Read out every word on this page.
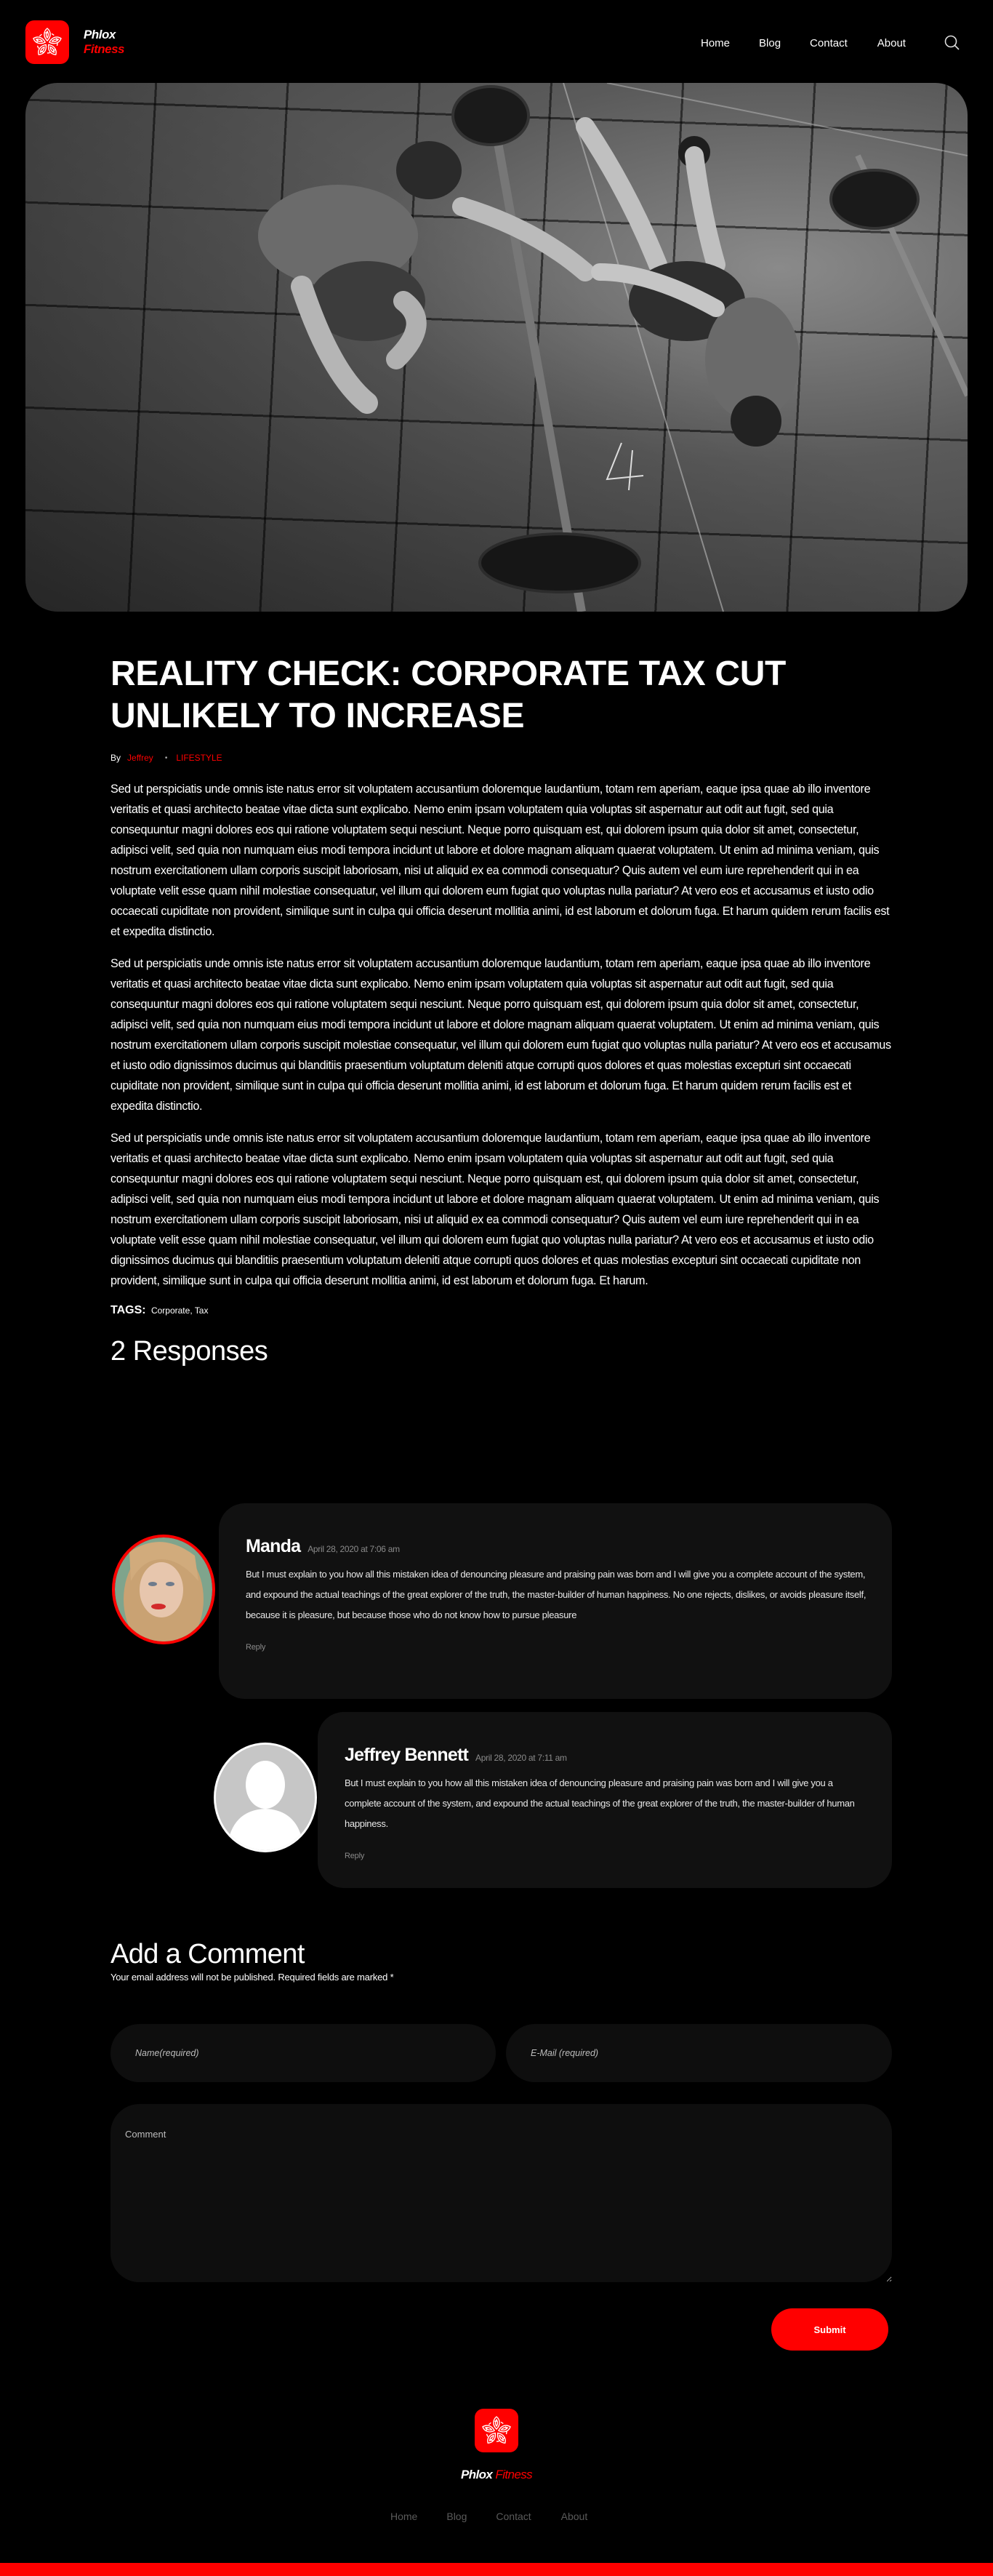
Phlox
Fitness	Home	Blog	Contact	About
REALITY CHECK: CORPORATE TAX CUT UNLIKELY TO INCREASE
By Jeffrey • LIFESTYLE

Sed ut perspiciatis unde omnis iste natus error sit voluptatem accusantium doloremque laudantium, totam rem aperiam, eaque ipsa quae ab illo inventore veritatis et quasi architecto beatae vitae dicta sunt explicabo. Nemo enim ipsam voluptatem quia voluptas sit aspernatur aut odit aut fugit, sed quia consequuntur magni dolores eos qui ratione voluptatem sequi nesciunt. Neque porro quisquam est, qui dolorem ipsum quia dolor sit amet, consectetur, adipisci velit, sed quia non numquam eius modi tempora incidunt ut labore et dolore magnam aliquam quaerat voluptatem. Ut enim ad minima veniam, quis nostrum exercitationem ullam corporis suscipit laboriosam, nisi ut aliquid ex ea commodi consequatur? Quis autem vel eum iure reprehenderit qui in ea voluptate velit esse quam nihil molestiae consequatur, vel illum qui dolorem eum fugiat quo voluptas nulla pariatur? At vero eos et accusamus et iusto odio occaecati cupiditate non provident, similique sunt in culpa qui officia deserunt mollitia animi, id est laborum et dolorum fuga. Et harum quidem rerum facilis est et expedita distinctio.

Sed ut perspiciatis unde omnis iste natus error sit voluptatem accusantium doloremque laudantium, totam rem aperiam, eaque ipsa quae ab illo inventore veritatis et quasi architecto beatae vitae dicta sunt explicabo. Nemo enim ipsam voluptatem quia voluptas sit aspernatur aut odit aut fugit, sed quia consequuntur magni dolores eos qui ratione voluptatem sequi nesciunt. Neque porro quisquam est, qui dolorem ipsum quia dolor sit amet, consectetur, adipisci velit, sed quia non numquam eius modi tempora incidunt ut labore et dolore magnam aliquam quaerat voluptatem. Ut enim ad minima veniam, quis nostrum exercitationem ullam corporis suscipit molestiae consequatur, vel illum qui dolorem eum fugiat quo voluptas nulla pariatur? At vero eos et accusamus et iusto odio dignissimos ducimus qui blanditiis praesentium voluptatum deleniti atque corrupti quos dolores et quas molestias excepturi sint occaecati cupiditate non provident, similique sunt in culpa qui officia deserunt mollitia animi, id est laborum et dolorum fuga. Et harum quidem rerum facilis est et expedita distinctio.

Sed ut perspiciatis unde omnis iste natus error sit voluptatem accusantium doloremque laudantium, totam rem aperiam, eaque ipsa quae ab illo inventore veritatis et quasi architecto beatae vitae dicta sunt explicabo. Nemo enim ipsam voluptatem quia voluptas sit aspernatur aut odit aut fugit, sed quia consequuntur magni dolores eos qui ratione voluptatem sequi nesciunt. Neque porro quisquam est, qui dolorem ipsum quia dolor sit amet, consectetur, adipisci velit, sed quia non numquam eius modi tempora incidunt ut labore et dolore magnam aliquam quaerat voluptatem. Ut enim ad minima veniam, quis nostrum exercitationem ullam corporis suscipit laboriosam, nisi ut aliquid ex ea commodi consequatur? Quis autem vel eum iure reprehenderit qui in ea voluptate velit esse quam nihil molestiae consequatur, vel illum qui dolorem eum fugiat quo voluptas nulla pariatur? At vero eos et accusamus et iusto odio dignissimos ducimus qui blanditiis praesentium voluptatum deleniti atque corrupti quos dolores et quas molestias excepturi sint occaecati cupiditate non provident, similique sunt in culpa qui officia deserunt mollitia animi, id est laborum et dolorum fuga. Et harum.

TAGS: Corporate, Tax
2 Responses
Manda April 28, 2020 at 7:06 am
But I must explain to you how all this mistaken idea of denouncing pleasure and praising pain was born and I will give you a complete account of the system, and expound the actual teachings of the great explorer of the truth, the master-builder of human happiness. No one rejects, dislikes, or avoids pleasure itself, because it is pleasure, but because those who do not know how to pursue pleasure
Reply
Jeffrey Bennett April 28, 2020 at 7:11 am
But I must explain to you how all this mistaken idea of denouncing pleasure and praising pain was born and I will give you a complete account of the system, and expound the actual teachings of the great explorer of the truth, the master-builder of human happiness.
Reply
Add a Comment
Your email address will not be published. Required fields are marked *
Name(required)
E-Mail (required)
Comment
Submit
Phlox Fitness
Home	Blog	Contact	About
